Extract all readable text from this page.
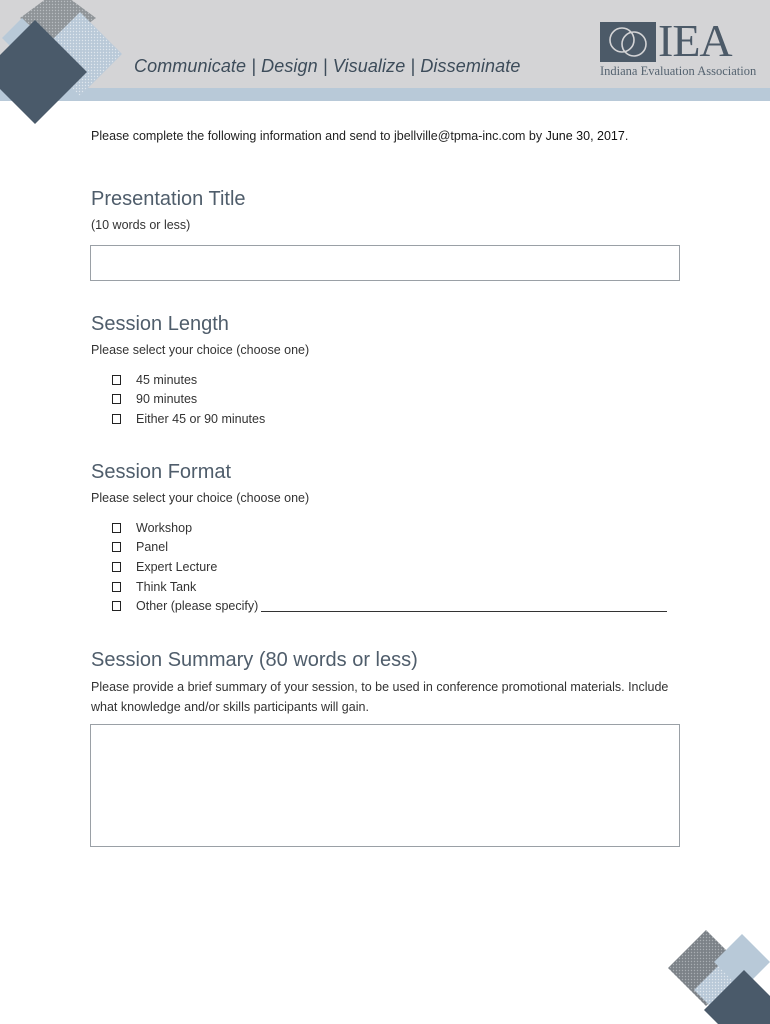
Communicate | Design | Visualize | Disseminate	IEA
Indiana Evaluation Association
Please complete the following information and send to jbellville@tpma-inc.com by June 30, 2017.
Presentation Title
(10 words or less)
Session Length
Please select your choice (choose one)
45 minutes
90 minutes
Either 45 or 90 minutes
Session Format
Please select your choice (choose one)
Workshop
Panel
Expert Lecture
Think Tank
Other (please specify)
Session Summary (80 words or less)
Please provide a brief summary of your session, to be used in conference promotional materials. Include what knowledge and/or skills participants will gain.
